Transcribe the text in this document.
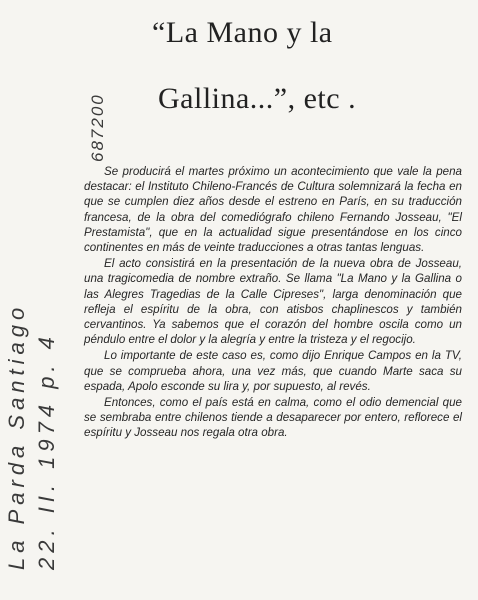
“La Mano y la
Gallina...”, etc .
La Parda Santiago 22. II. 1974 p. 4
687200

Se producirá el martes próximo un acontecimiento que vale la pena destacar: el Instituto Chileno-Francés de Cultura solemnizará la fecha en que se cumplen diez años desde el estreno en París, en su traducción francesa, de la obra del comediógrafo chileno Fernando Josseau, "El Prestamista", que en la actualidad sigue presentándose en los cinco continentes en más de veinte traducciones a otras tantas lenguas.

El acto consistirá en la presentación de la nueva obra de Josseau, una tragicomedia de nombre extraño. Se llama "La Mano y la Gallina o las Alegres Tragedias de la Calle Cipreses", larga denominación que refleja el espíritu de la obra, con atisbos chaplinescos y también cervantinos. Ya sabemos que el corazón del hombre oscila como un péndulo entre el dolor y la alegría y entre la tristeza y el regocijo.

Lo importante de este caso es, como dijo Enrique Campos en la TV, que se comprueba ahora, una vez más, que cuando Marte saca su espada, Apolo esconde su lira y, por supuesto, al revés.

Entonces, como el país está en calma, como el odio demencial que se sembraba entre chilenos tiende a desaparecer por entero, reflorece el espíritu y Josseau nos regala otra obra.
